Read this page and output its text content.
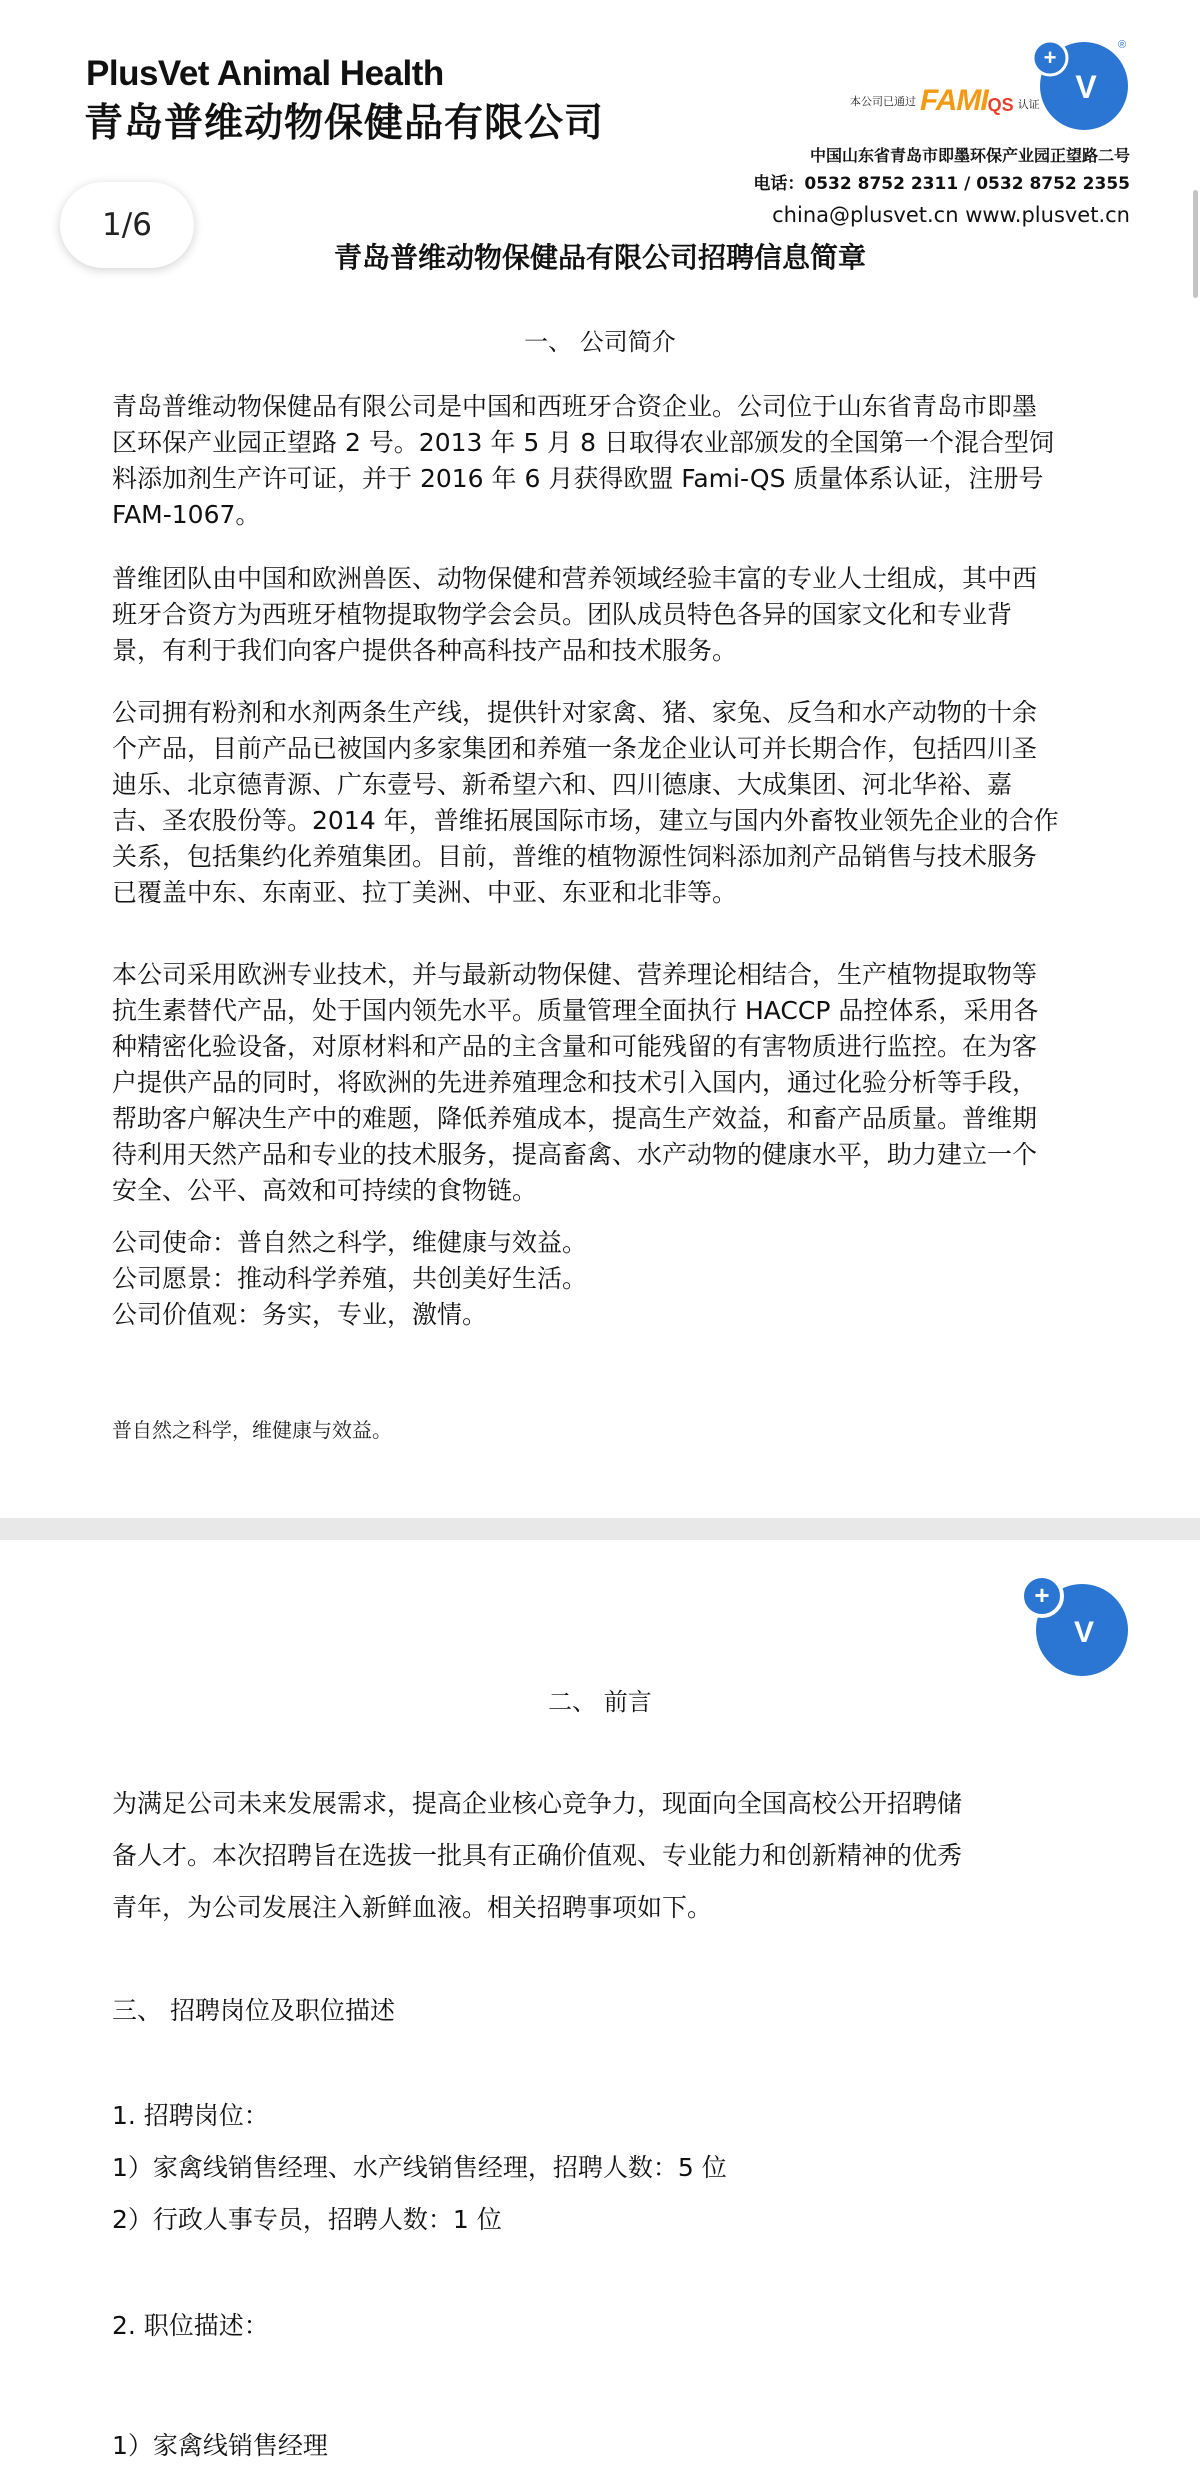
PlusVet Animal Health
青岛普维动物保健品有限公司	本公司已通过 FAMI QS 认证
+
V
®
中国山东省青岛市即墨环保产业园正望路二号
电话：0532 8752 2311 / 0532 8752 2355
china@plusvet.cn www.plusvet.cn
青岛普维动物保健品有限公司招聘信息简章
一、 公司简介
青岛普维动物保健品有限公司是中国和西班牙合资企业。公司位于山东省青岛市即墨区环保产业园正望路 2 号。2013 年 5 月 8 日取得农业部颁发的全国第一个混合型饲料添加剂生产许可证，并于 2016 年 6 月获得欧盟 Fami-QS 质量体系认证，注册号 FAM-1067。
普维团队由中国和欧洲兽医、动物保健和营养领域经验丰富的专业人士组成，其中西班牙合资方为西班牙植物提取物学会会员。团队成员特色各异的国家文化和专业背景，有利于我们向客户提供各种高科技产品和技术服务。
公司拥有粉剂和水剂两条生产线，提供针对家禽、猪、家兔、反刍和水产动物的十余个产品，目前产品已被国内多家集团和养殖一条龙企业认可并长期合作，包括四川圣迪乐、北京德青源、广东壹号、新希望六和、四川德康、大成集团、河北华裕、嘉吉、圣农股份等。2014 年，普维拓展国际市场，建立与国内外畜牧业领先企业的合作关系，包括集约化养殖集团。目前，普维的植物源性饲料添加剂产品销售与技术服务已覆盖中东、东南亚、拉丁美洲、中亚、东亚和北非等。
本公司采用欧洲专业技术，并与最新动物保健、营养理论相结合，生产植物提取物等抗生素替代产品，处于国内领先水平。质量管理全面执行 HACCP 品控体系，采用各种精密化验设备，对原材料和产品的主含量和可能残留的有害物质进行监控。在为客户提供产品的同时，将欧洲的先进养殖理念和技术引入国内，通过化验分析等手段，帮助客户解决生产中的难题，降低养殖成本，提高生产效益，和畜产品质量。普维期待利用天然产品和专业的技术服务，提高畜禽、水产动物的健康水平，助力建立一个安全、公平、高效和可持续的食物链。

公司使命：普自然之科学，维健康与效益。

公司愿景：推动科学养殖，共创美好生活。

公司价值观：务实，专业，激情。

普自然之科学，维健康与效益。
+
V
二、 前言
为满足公司未来发展需求，提高企业核心竞争力，现面向全国高校公开招聘储
备人才。本次招聘旨在选拔一批具有正确价值观、专业能力和创新精神的优秀
青年，为公司发展注入新鲜血液。相关招聘事项如下。
三、 招聘岗位及职位描述
1. 招聘岗位：
1）家禽线销售经理、水产线销售经理，招聘人数：5 位
2）行政人事专员，招聘人数：1 位
2. 职位描述：
1）家禽线销售经理
1/6
